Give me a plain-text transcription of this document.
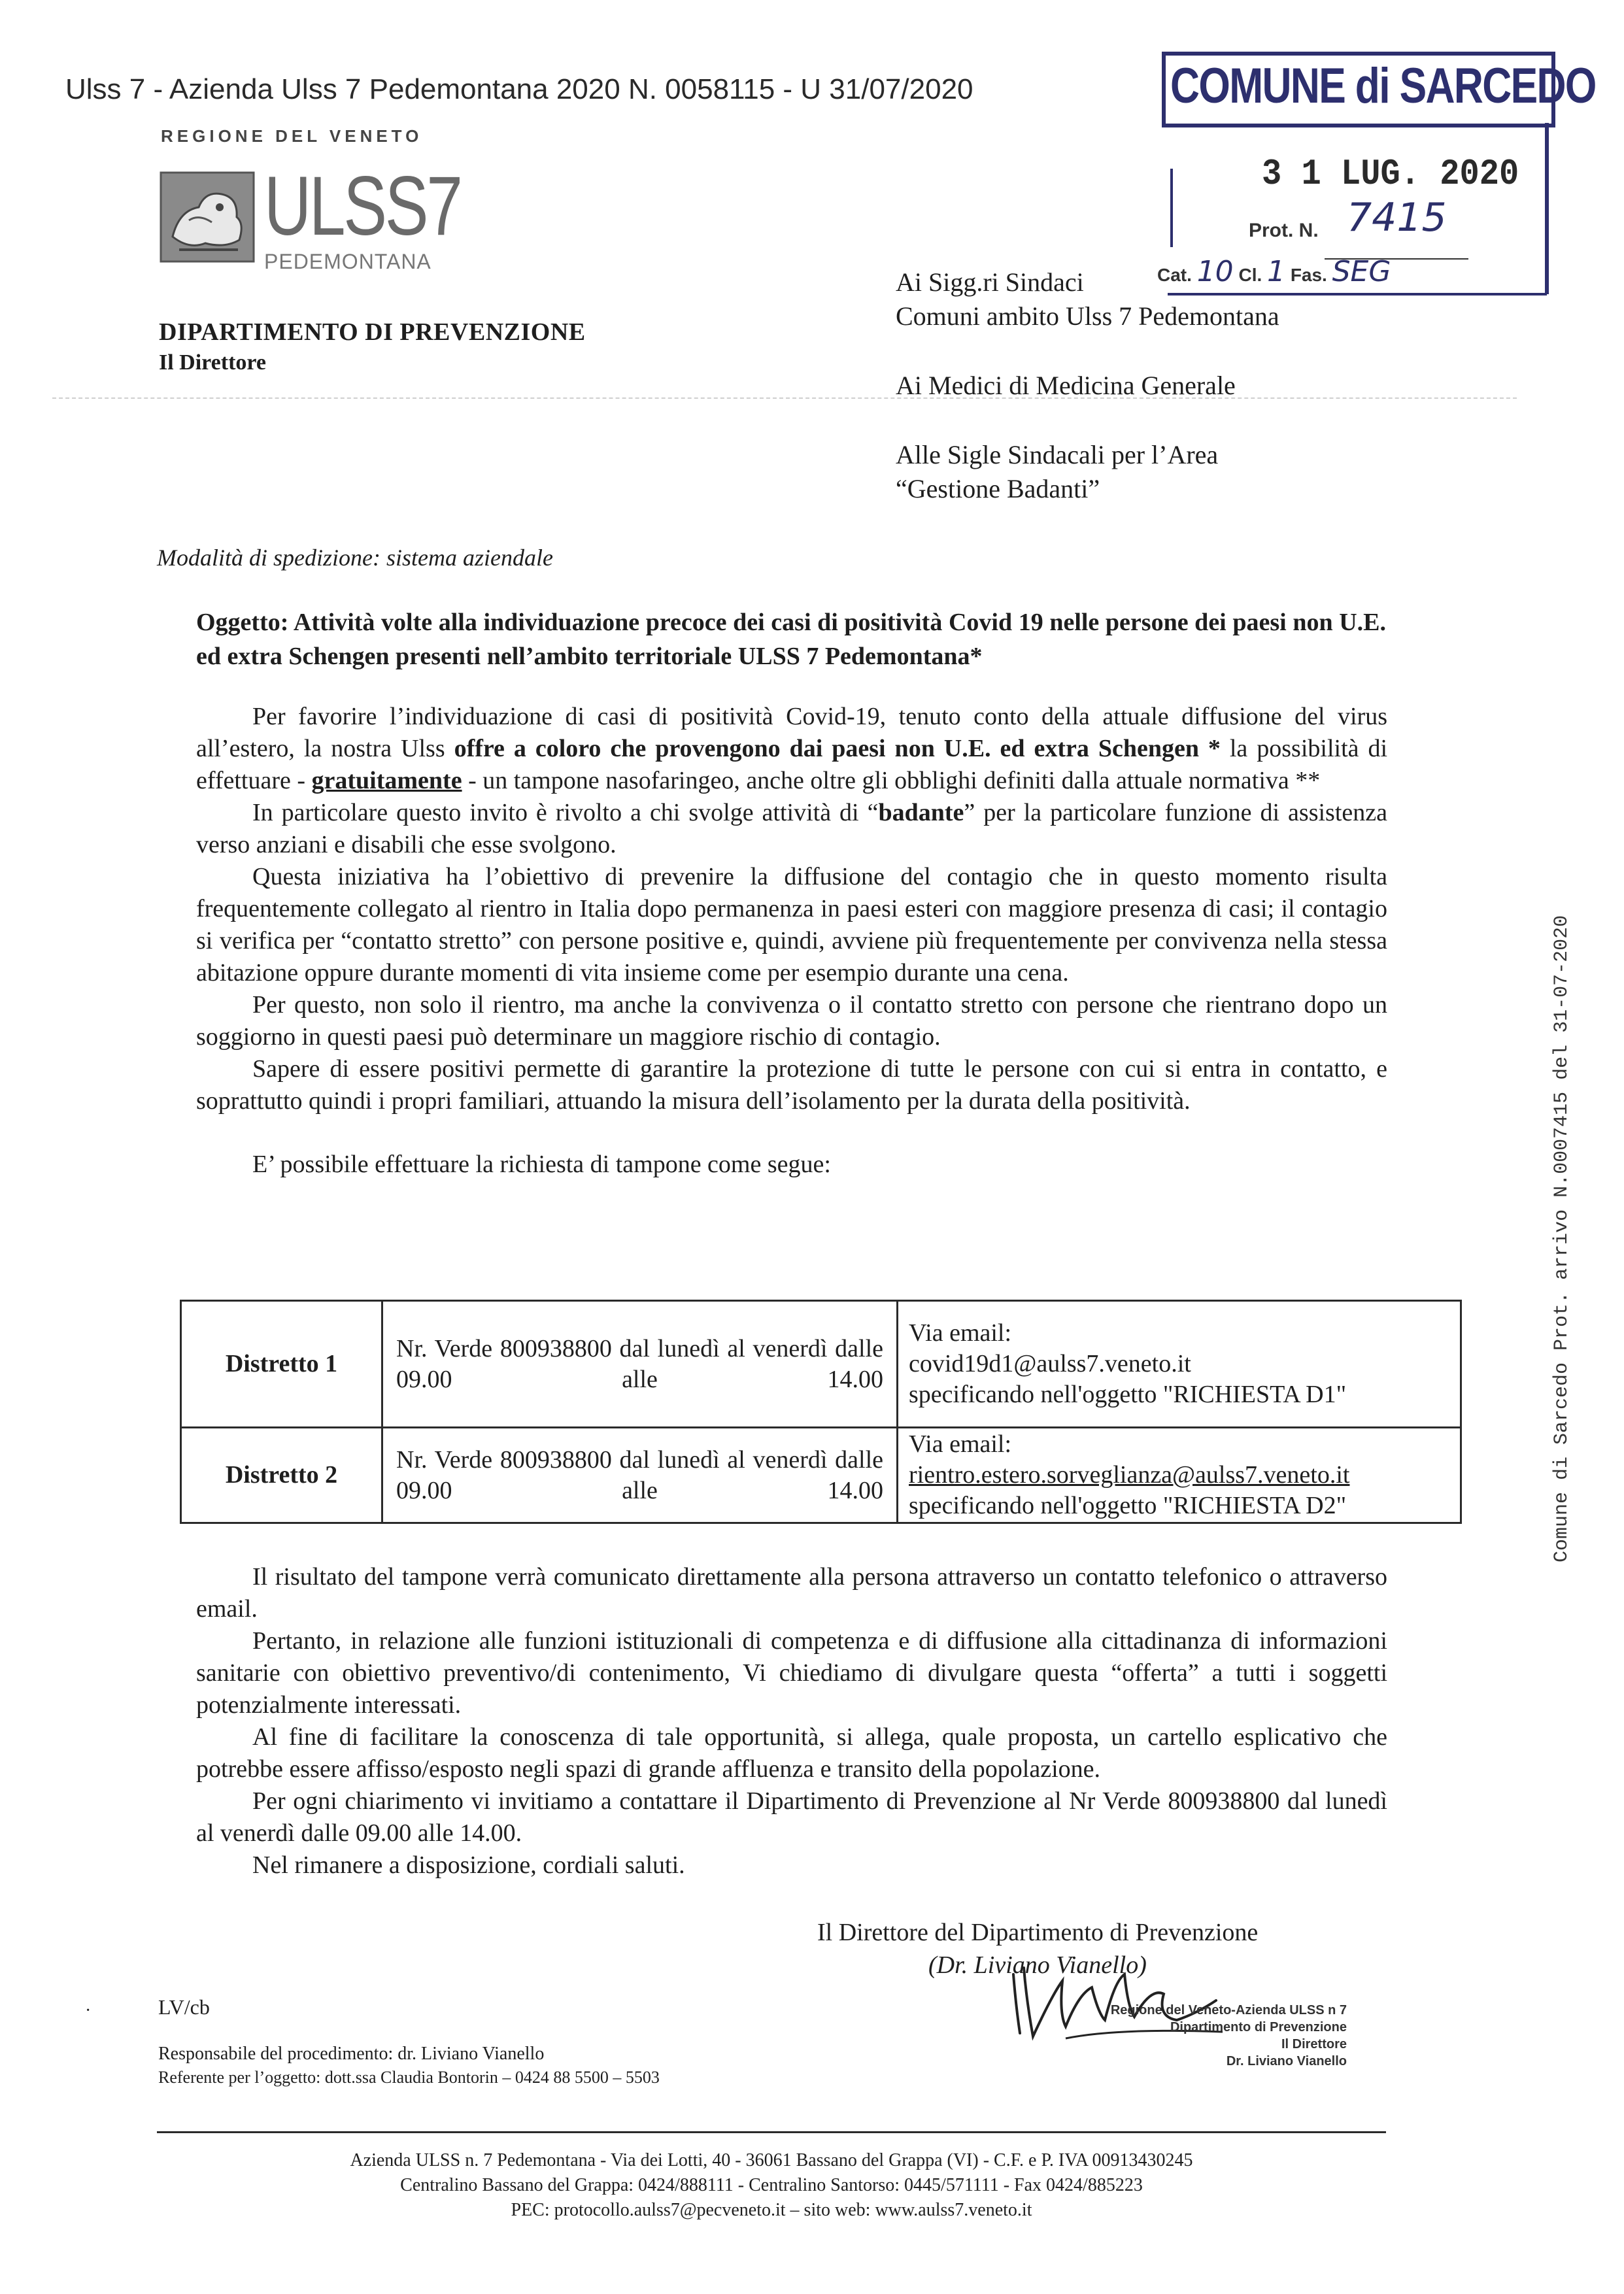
Ulss 7 - Azienda Ulss 7 Pedemontana 2020 N. 0058115 - U 31/07/2020
REGIONE DEL VENETO
ULSS7
PEDEMONTANA
DIPARTIMENTO DI PREVENZIONE
Il Direttore
COMUNE di SARCEDO
3 1 LUG. 2020
Prot. N. 7415
Cat. 10 Cl. 1 Fas. SEG

Ai Sigg.ri Sindaci

Comuni ambito Ulss 7 Pedemontana

Ai Medici di Medicina Generale

Alle Sigle Sindacali per l’Area

“Gestione Badanti”

Modalità di spedizione: sistema aziendale
Oggetto: Attività volte alla individuazione precoce dei casi di positività Covid 19 nelle persone dei paesi non U.E. ed extra Schengen presenti nell’ambito territoriale ULSS 7 Pedemontana*

Per favorire l’individuazione di casi di positività Covid-19, tenuto conto della attuale diffusione del virus all’estero, la nostra Ulss offre a coloro che provengono dai paesi non U.E. ed extra Schengen * la possibilità di effettuare - gratuitamente - un tampone nasofaringeo, anche oltre gli obblighi definiti dalla attuale normativa **

In particolare questo invito è rivolto a chi svolge attività di “badante” per la particolare funzione di assistenza verso anziani e disabili che esse svolgono.

Questa iniziativa ha l’obiettivo di prevenire la diffusione del contagio che in questo momento risulta frequentemente collegato al rientro in Italia dopo permanenza in paesi esteri con maggiore presenza di casi; il contagio si verifica per “contatto stretto” con persone positive e, quindi, avviene più frequentemente per convivenza nella stessa abitazione oppure durante momenti di vita insieme come per esempio durante una cena.

Per questo, non solo il rientro, ma anche la convivenza o il contatto stretto con persone che rientrano dopo un soggiorno in questi paesi può determinare un maggiore rischio di contagio.

Sapere di essere positivi permette di garantire la protezione di tutte le persone con cui si entra in contatto, e soprattutto quindi i propri familiari, attuando la misura dell’isolamento per la durata della positività.

E’ possibile effettuare la richiesta di tampone come segue:

Distretto 1	Nr. Verde 800938800 dal lunedì al venerdì dalle 09.00 alle 14.00	Via email:
covid19d1@aulss7.veneto.it
specificando nell'oggetto "RICHIESTA D1"

Distretto 2	Nr. Verde 800938800 dal lunedì al venerdì dalle 09.00 alle 14.00	Via email:
rientro.estero.sorveglianza@aulss7.veneto.it
specificando nell'oggetto "RICHIESTA D2"

Il risultato del tampone verrà comunicato direttamente alla persona attraverso un contatto telefonico o attraverso email.

Pertanto, in relazione alle funzioni istituzionali di competenza e di diffusione alla cittadinanza di informazioni sanitarie con obiettivo preventivo/di contenimento, Vi chiediamo di divulgare questa “offerta” a tutti i soggetti potenzialmente interessati.

Al fine di facilitare la conoscenza di tale opportunità, si allega, quale proposta, un cartello esplicativo che potrebbe essere affisso/esposto negli spazi di grande affluenza e transito della popolazione.

Per ogni chiarimento vi invitiamo a contattare il Dipartimento di Prevenzione al Nr Verde 800938800 dal lunedì al venerdì dalle 09.00 alle 14.00.

Nel rimanere a disposizione, cordiali saluti.

Il Direttore del Dipartimento di Prevenzione
(Dr. Liviano Vianello)
Regione del Veneto-Azienda ULSS n 7
Dipartimento di Prevenzione
Il Direttore
Dr. Liviano Vianello
·	LV/cb

Responsabile del procedimento: dr. Liviano Vianello

Referente per l’oggetto: dott.ssa Claudia Bontorin – 0424 88 5500 – 5503

Azienda ULSS n. 7 Pedemontana - Via dei Lotti, 40 - 36061 Bassano del Grappa (VI) - C.F. e P. IVA 00913430245

Centralino Bassano del Grappa: 0424/888111 - Centralino Santorso: 0445/571111 - Fax 0424/885223

PEC: protocollo.aulss7@pecveneto.it – sito web: www.aulss7.veneto.it

Comune di Sarcedo Prot. arrivo N.0007415 del 31-07-2020
